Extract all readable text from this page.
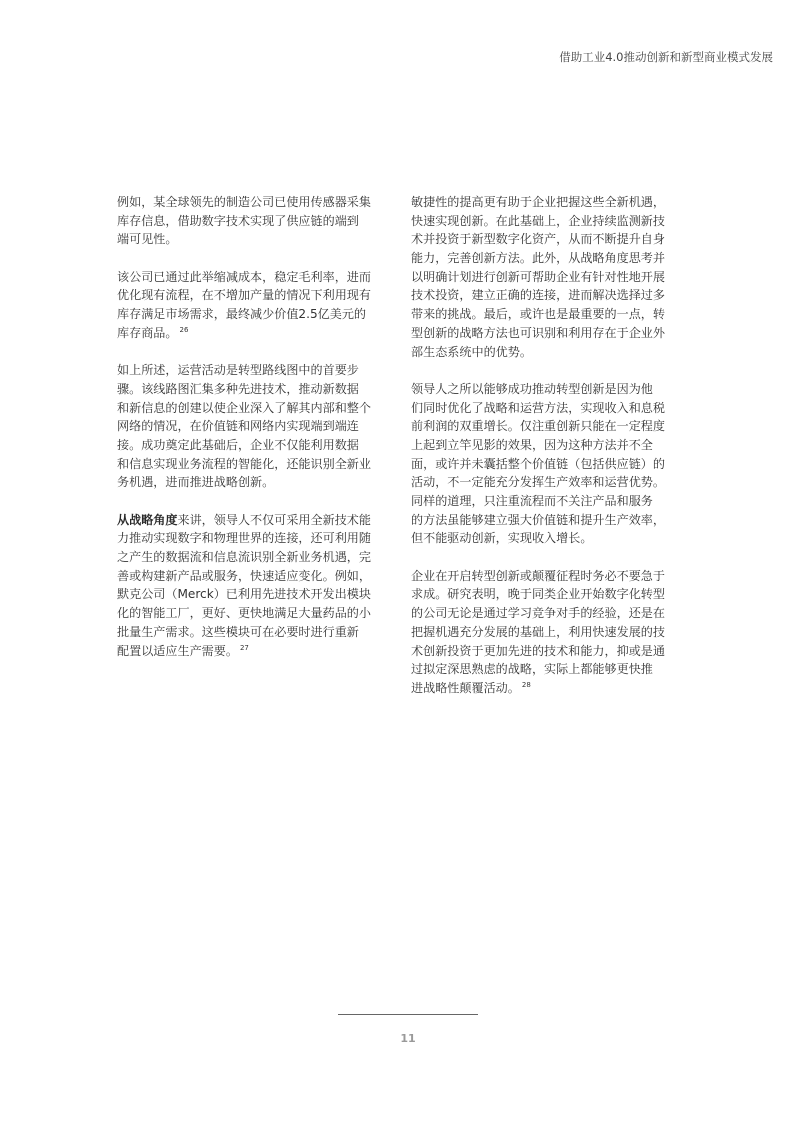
借助工业4.0推动创新和新型商业模式发展

例如，某全球领先的制造公司已使用传感器采集
库存信息，借助数字技术实现了供应链的端到
端可见性。

该公司已通过此举缩减成本，稳定毛利率，进而
优化现有流程，在不增加产量的情况下利用现有
库存满足市场需求，最终减少价值2.5亿美元的
库存商品。 $^{26}$

如上所述，运营活动是转型路线图中的首要步
骤。该线路图汇集多种先进技术，推动新数据
和新信息的创建以使企业深入了解其内部和整个
网络的情况，在价值链和网络内实现端到端连
接。成功奠定此基础后，企业不仅能利用数据
和信息实现业务流程的智能化，还能识别全新业
务机遇，进而推进战略创新。

从战略角度来讲，领导人不仅可采用全新技术能
力推动实现数字和物理世界的连接，还可利用随
之产生的数据流和信息流识别全新业务机遇，完
善或构建新产品或服务，快速适应变化。例如，
默克公司（Merck）已利用先进技术开发出模块
化的智能工厂，更好、更快地满足大量药品的小
批量生产需求。这些模块可在必要时进行重新
配置以适应生产需要。 $^{27}$

敏捷性的提高更有助于企业把握这些全新机遇，
快速实现创新。在此基础上，企业持续监测新技
术并投资于新型数字化资产，从而不断提升自身
能力，完善创新方法。此外，从战略角度思考并
以明确计划进行创新可帮助企业有针对性地开展
技术投资，建立正确的连接，进而解决选择过多
带来的挑战。最后，或许也是最重要的一点，转
型创新的战略方法也可识别和利用存在于企业外
部生态系统中的优势。

领导人之所以能够成功推动转型创新是因为他
们同时优化了战略和运营方法，实现收入和息税
前利润的双重增长。仅注重创新只能在一定程度
上起到立竿见影的效果，因为这种方法并不全
面，或许并未囊括整个价值链（包括供应链）的
活动，不一定能充分发挥生产效率和运营优势。
同样的道理，只注重流程而不关注产品和服务
的方法虽能够建立强大价值链和提升生产效率，
但不能驱动创新，实现收入增长。

企业在开启转型创新或颠覆征程时务必不要急于
求成。研究表明，晚于同类企业开始数字化转型
的公司无论是通过学习竞争对手的经验，还是在
把握机遇充分发展的基础上，利用快速发展的技
术创新投资于更加先进的技术和能力，抑或是通
过拟定深思熟虑的战略，实际上都能够更快推
进战略性颠覆活动。 $^{28}$

11
